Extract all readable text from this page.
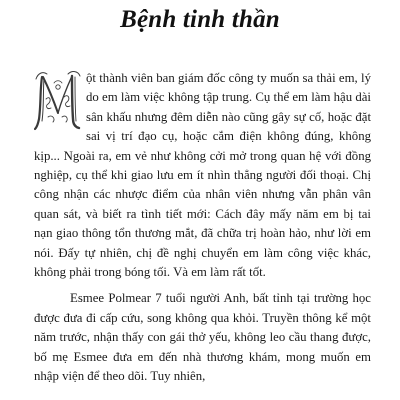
Bệnh tinh thần

ột thành viên ban giám đốc công ty muốn sa thải em, lý do em làm việc không tập trung. Cụ thể em làm hậu dài sân khấu nhưng đêm diễn nào cũng gây sự cố, hoặc đặt sai vị trí đạo cụ, hoặc cắm điện không đúng, không kịp... Ngoài ra, em vẻ như không cởi mở trong quan hệ với đồng nghiệp, cụ thể khi giao lưu em ít nhìn thẳng người đối thoại. Chị công nhận các nhược điểm của nhân viên nhưng vẫn phân vân quan sát, và biết ra tình tiết mới: Cách đây mấy năm em bị tai nạn giao thông tổn thương mắt, đã chữa trị hoàn hảo, như lời em nói. Đấy tự nhiên, chị đề nghị chuyển em làm công việc khác, không phải trong bóng tối. Và em làm rất tốt.

Esmee Polmear 7 tuổi người Anh, bất tỉnh tại trường học được đưa đi cấp cứu, song không qua khỏi. Truyền thông kể một năm trước, nhận thấy con gái thở yếu, không leo cầu thang được, bố mẹ Esmee đưa em đến nhà thương khám, mong muốn em nhập viện để theo dõi. Tuy nhiên,
